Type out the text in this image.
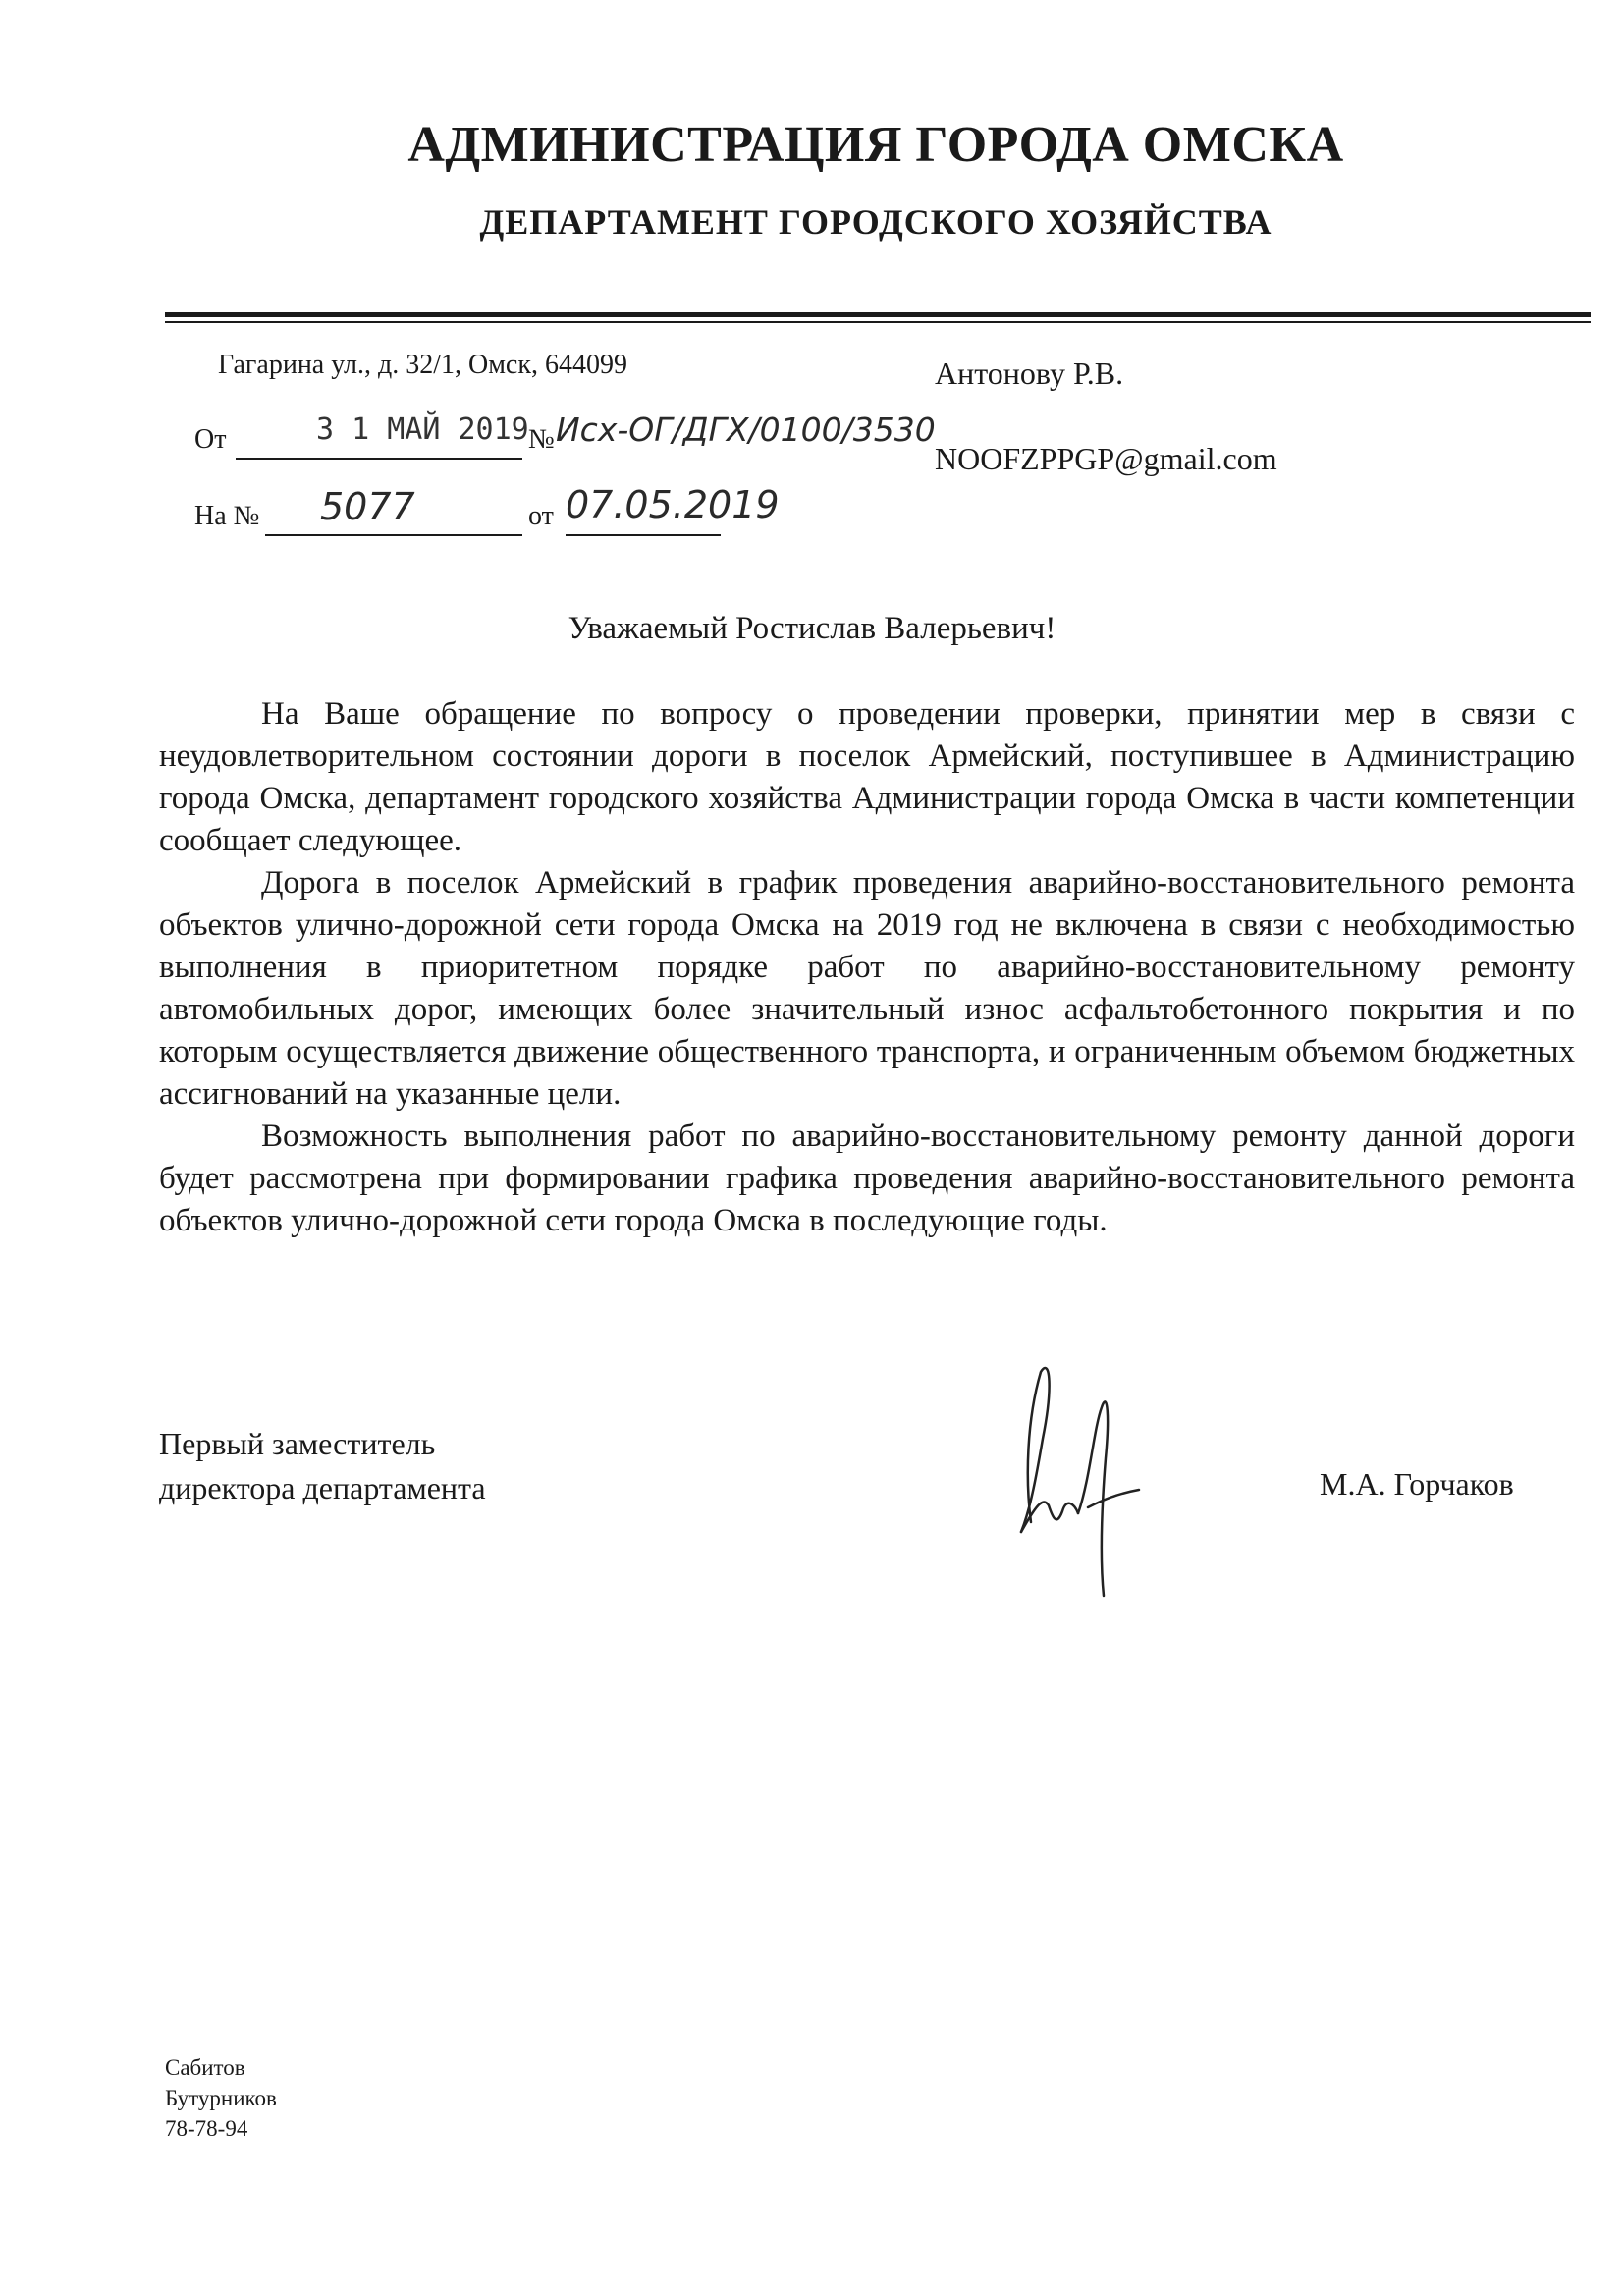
АДМИНИСТРАЦИЯ ГОРОДА ОМСКА
ДЕПАРТАМЕНТ ГОРОДСКОГО ХОЗЯЙСТВА
Гагарина ул., д. 32/1, Омск, 644099
От	3 1 МАЙ 2019 № Исх-ОГ/ДГХ/0100/3530
На № 5077	от 07.05.2019
Антонову Р.В.
NOOFZPPGP@gmail.com
Уважаемый Ростислав Валерьевич!

На Ваше обращение по вопросу о проведении проверки, принятии мер в связи с неудовлетворительном состоянии дороги в поселок Армейский, поступившее в Администрацию города Омска, департамент городского хозяйства Администрации города Омска в части компетенции сообщает следующее.

Дорога в поселок Армейский в график проведения аварийно-восстановительного ремонта объектов улично-дорожной сети города Омска на 2019 год не включена в связи с необходимостью выполнения в приоритетном порядке работ по аварийно-восстановительному ремонту автомобильных дорог, имеющих более значительный износ асфальтобетонного покрытия и по которым осуществляется движение общественного транспорта, и ограниченным объемом бюджетных ассигнований на указанные цели.

Возможность выполнения работ по аварийно-восстановительному ремонту данной дороги будет рассмотрена при формировании графика проведения аварийно-восстановительного ремонта объектов улично-дорожной сети города Омска в последующие годы.

Первый заместитель
директора департамента	М.А. Горчаков
Сабитов
Бутурников
78-78-94
